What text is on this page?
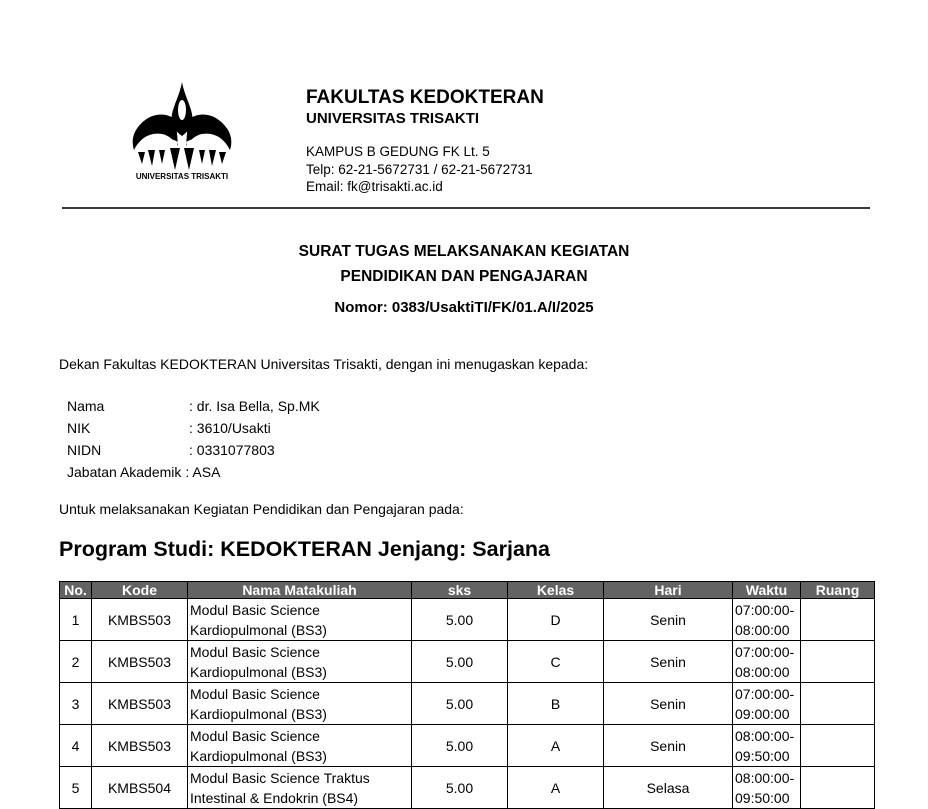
UNIVERSITAS TRISAKTI
FAKULTAS KEDOKTERAN
UNIVERSITAS TRISAKTI
KAMPUS B GEDUNG FK Lt. 5
Telp: 62-21-5672731 / 62-21-5672731
Email: fk@trisakti.ac.id
SURAT TUGAS MELAKSANAKAN KEGIATAN
PENDIDIKAN DAN PENGAJARAN
Nomor: 0383/UsaktiTI/FK/01.A/I/2025
Dekan Fakultas KEDOKTERAN Universitas Trisakti, dengan ini menugaskan kepada:
Nama	: dr. Isa Bella, Sp.MK
NIK	: 3610/Usakti
NIDN	: 0331077803
Jabatan Akademik : ASA
Untuk melaksanakan Kegiatan Pendidikan dan Pengajaran pada:
Program Studi: KEDOKTERAN Jenjang: Sarjana
No.	Kode	Nama Matakuliah	sks	Kelas	Hari	Waktu	Ruang
1	KMBS503	Modul Basic Science Kardiopulmonal (BS3)	5.00	D	Senin	07:00:00-08:00:00	
2	KMBS503	Modul Basic Science Kardiopulmonal (BS3)	5.00	C	Senin	07:00:00-08:00:00	
3	KMBS503	Modul Basic Science Kardiopulmonal (BS3)	5.00	B	Senin	07:00:00-09:00:00	
4	KMBS503	Modul Basic Science Kardiopulmonal (BS3)	5.00	A	Senin	08:00:00-09:50:00	
5	KMBS504	Modul Basic Science Traktus Intestinal & Endokrin (BS4)	5.00	A	Selasa	08:00:00-09:50:00	
